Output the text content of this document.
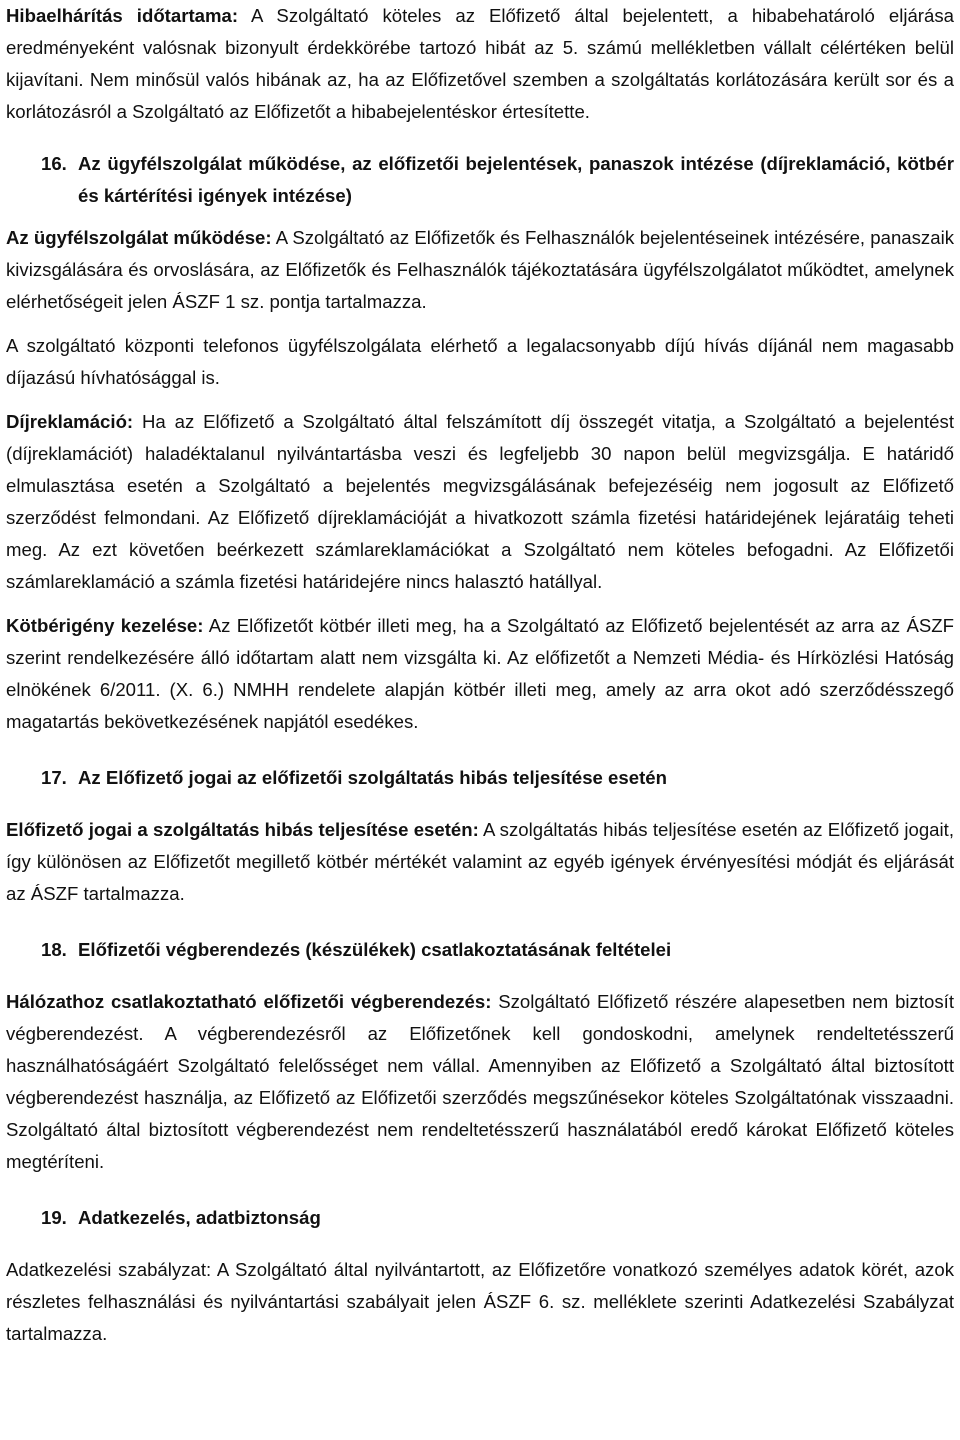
Hibaelhárítás időtartama: A Szolgáltató köteles az Előfizető által bejelentett, a hibabehatároló eljárása eredményeként valósnak bizonyult érdekkörébe tartozó hibát az 5. számú mellékletben vállalt célértéken belül kijavítani. Nem minősül valós hibának az, ha az Előfizetővel szemben a szolgáltatás korlátozására került sor és a korlátozásról a Szolgáltató az Előfizetőt a hibabejelentéskor értesítette.

16. Az ügyfélszolgálat működése, az előfizetői bejelentések, panaszok intézése (díjreklamáció, kötbér és kártérítési igények intézése)

Az ügyfélszolgálat működése: A Szolgáltató az Előfizetők és Felhasználók bejelentéseinek intézésére, panaszaik kivizsgálására és orvoslására, az Előfizetők és Felhasználók tájékoztatására ügyfélszolgálatot működtet, amelynek elérhetőségeit jelen ÁSZF 1 sz. pontja tartalmazza.

A szolgáltató központi telefonos ügyfélszolgálata elérhető a legalacsonyabb díjú hívás díjánál nem magasabb díjazású hívhatósággal is.

Díjreklamáció: Ha az Előfizető a Szolgáltató által felszámított díj összegét vitatja, a Szolgáltató a bejelentést (díjreklamációt) haladéktalanul nyilvántartásba veszi és legfeljebb 30 napon belül megvizsgálja. E határidő elmulasztása esetén a Szolgáltató a bejelentés megvizsgálásának befejezéséig nem jogosult az Előfizető szerződést felmondani. Az Előfizető díjreklamációját a hivatkozott számla fizetési határidejének lejáratáig teheti meg. Az ezt követően beérkezett számlareklamációkat a Szolgáltató nem köteles befogadni. Az Előfizetői számlareklamáció a számla fizetési határidejére nincs halasztó hatállyal.

Kötbérigény kezelése: Az Előfizetőt kötbér illeti meg, ha a Szolgáltató az Előfizető bejelentését az arra az ÁSZF szerint rendelkezésére álló időtartam alatt nem vizsgálta ki. Az előfizetőt a Nemzeti Média- és Hírközlési Hatóság elnökének 6/2011. (X. 6.) NMHH rendelete alapján kötbér illeti meg, amely az arra okot adó szerződésszegő magatartás bekövetkezésének napjától esedékes.

17. Az Előfizető jogai az előfizetői szolgáltatás hibás teljesítése esetén

Előfizető jogai a szolgáltatás hibás teljesítése esetén: A szolgáltatás hibás teljesítése esetén az Előfizető jogait, így különösen az Előfizetőt megillető kötbér mértékét valamint az egyéb igények érvényesítési módját és eljárását az ÁSZF tartalmazza.

18. Előfizetői végberendezés (készülékek) csatlakoztatásának feltételei

Hálózathoz csatlakoztatható előfizetői végberendezés: Szolgáltató Előfizető részére alapesetben nem biztosít végberendezést. A végberendezésről az Előfizetőnek kell gondoskodni, amelynek rendeltetésszerű használhatóságáért Szolgáltató felelősséget nem vállal. Amennyiben az Előfizető a Szolgáltató által biztosított végberendezést használja, az Előfizető az Előfizetői szerződés megszűnésekor köteles Szolgáltatónak visszaadni. Szolgáltató által biztosított végberendezést nem rendeltetésszerű használatából eredő károkat Előfizető köteles megtéríteni.

19. Adatkezelés, adatbiztonság

Adatkezelési szabályzat: A Szolgáltató által nyilvántartott, az Előfizetőre vonatkozó személyes adatok körét, azok részletes felhasználási és nyilvántartási szabályait jelen ÁSZF 6. sz. melléklete szerinti Adatkezelési Szabályzat tartalmazza.
